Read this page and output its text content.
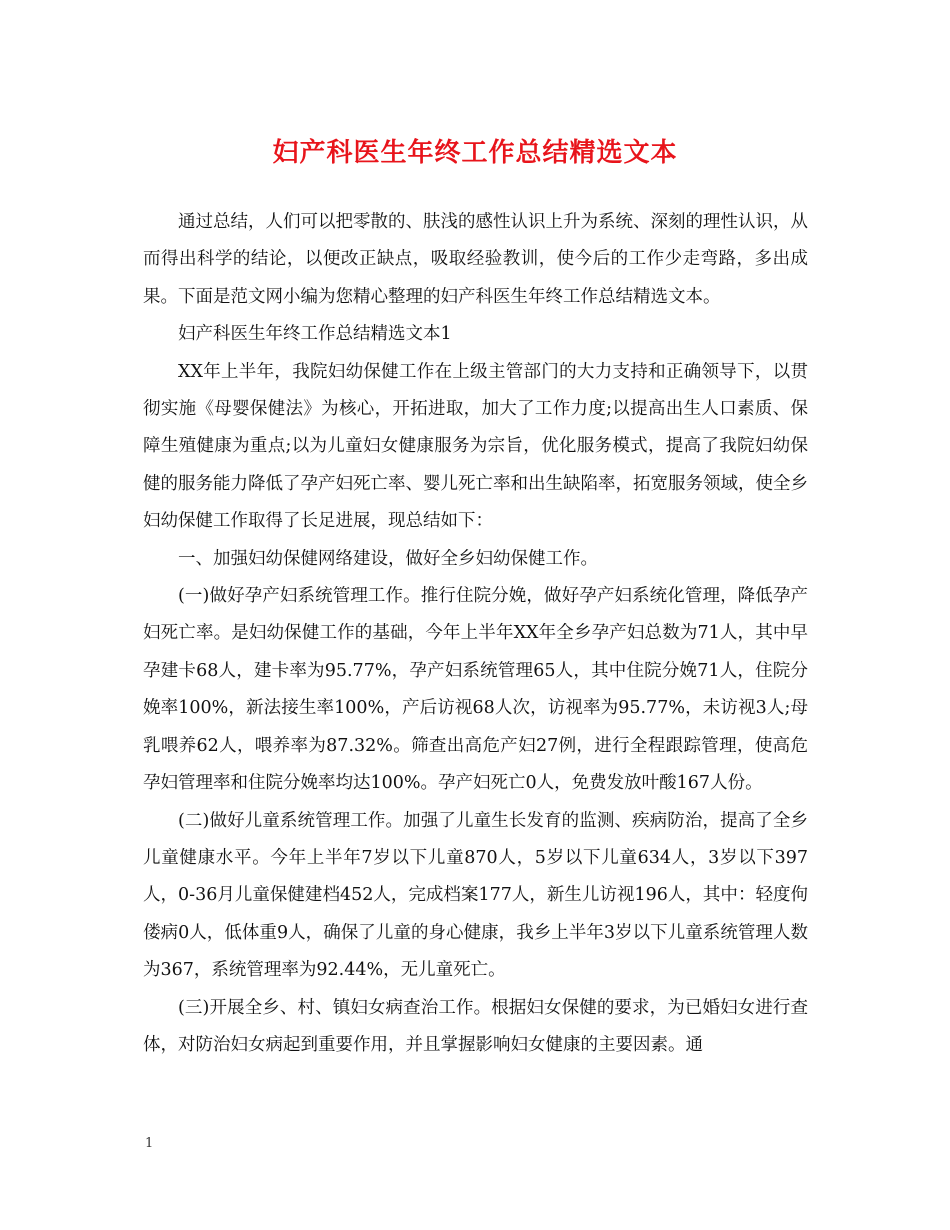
妇产科医生年终工作总结精选文本

通过总结，人们可以把零散的、肤浅的感性认识上升为系统、深刻的理性认识，从而得出科学的结论，以便改正缺点，吸取经验教训，使今后的工作少走弯路，多出成果。下面是范文网小编为您精心整理的妇产科医生年终工作总结精选文本。

妇产科医生年终工作总结精选文本1

XX年上半年，我院妇幼保健工作在上级主管部门的大力支持和正确领导下，以贯彻实施《母婴保健法》为核心，开拓进取，加大了工作力度;以提高出生人口素质、保障生殖健康为重点;以为儿童妇女健康服务为宗旨，优化服务模式，提高了我院妇幼保健的服务能力降低了孕产妇死亡率、婴儿死亡率和出生缺陷率，拓宽服务领域，使全乡妇幼保健工作取得了长足进展，现总结如下：

一、加强妇幼保健网络建设，做好全乡妇幼保健工作。

(一)做好孕产妇系统管理工作。推行住院分娩，做好孕产妇系统化管理，降低孕产妇死亡率。是妇幼保健工作的基础，今年上半年XX年全乡孕产妇总数为71人，其中早孕建卡68人，建卡率为95.77%，孕产妇系统管理65人，其中住院分娩71人，住院分娩率100%，新法接生率100%，产后访视68人次，访视率为95.77%，未访视3人;母乳喂养62人，喂养率为87.32%。筛查出高危产妇27例，进行全程跟踪管理，使高危孕妇管理率和住院分娩率均达100%。孕产妇死亡0人，免费发放叶酸167人份。

(二)做好儿童系统管理工作。加强了儿童生长发育的监测、疾病防治，提高了全乡儿童健康水平。今年上半年7岁以下儿童870人，5岁以下儿童634人，3岁以下397人，0-36月儿童保健建档452人，完成档案177人，新生儿访视196人，其中：轻度佝偻病0人，低体重9人，确保了儿童的身心健康，我乡上半年3岁以下儿童系统管理人数为367，系统管理率为92.44%，无儿童死亡。

(三)开展全乡、村、镇妇女病查治工作。根据妇女保健的要求，为已婚妇女进行查体，对防治妇女病起到重要作用，并且掌握影响妇女健康的主要因素。通

1
